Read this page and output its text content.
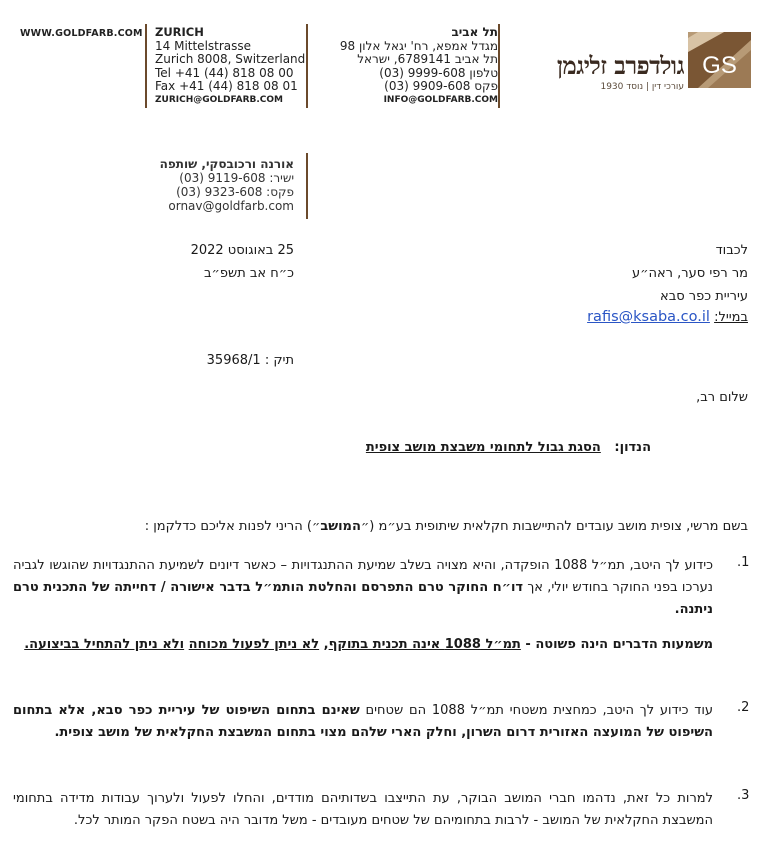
WWW.GOLDFARB.COM ZURICH
14 Mittelstrasse
Zurich 8008, Switzerland
Tel +41 (44) 818 08 00
Fax +41 (44) 818 08 01
ZURICH@GOLDFARB.COM
תל אביב
מגדל אמפא, רח' יגאל אלון 98
תל אביב 6789141, ישראל
טלפון 9999-608 (03)
פקס 9909-608 (03)
INFO@GOLDFARB.COM
GS
גולדפרב זליגמן
עורכי דין | נוסד 1930
אורנה ורכובסקי, שותפה
ישיר: 9119-608 (03)
פקס: 9323-608 (03)
ornav@goldfarb.com
לכבוד
מר רפי סער, ראה״ע
עיריית כפר סבא
במייל: rafis@ksaba.co.il
25 באוגוסט 2022
כ״ח אב תשפ״ב
תיק : 35968/1
שלום רב,
הנדון:   הסגת גבול לתחומי משבצת מושב צופית
בשם מרשי, צופית מושב עובדים להתיישבות חקלאית שיתופית בע״מ (״המושב״) הריני לפנות אליכם כדלקמן :
.1
כידוע לך היטב, תמ״ל 1088 הופקדה, והיא מצויה בשלב שמיעת ההתנגדויות – כאשר דיונים לשמיעת ההתנגדויות שהוגשו לגביה נערכו בפני החוקר בחודש יולי, אך דו״ח החוקר טרם התפרסם והחלטת הותמ״ל בדבר אישורה / דחייתה של התכנית טרם ניתנה.
משמעות הדברים הינה פשוטה - תמ״ל 1088 אינה תכנית בתוקף, לא ניתן לפעול מכוחה ולא ניתן להתחיל בביצועה.
.2
עוד כידוע לך היטב, כמחצית משטחי תמ״ל 1088 הם שטחים שאינם בתחום השיפוט של עיריית כפר סבא, אלא בתחום השיפוט של המועצה האזורית דרום השרון, וחלק הארי שלהם מצוי בתחום המשבצת החקלאית של מושב צופית.
.3
למרות כל זאת, נדהמו חברי המושב הבוקר, עת התייצבו בשדותיהם מודדים, והחלו לפעול ולערוך עבודות מדידה בתחומי המשבצת החקלאית של המושב - לרבות בתחומיהם של שטחים מעובדים - משל מדובר היה בשטח הפקר המותר לכל.
